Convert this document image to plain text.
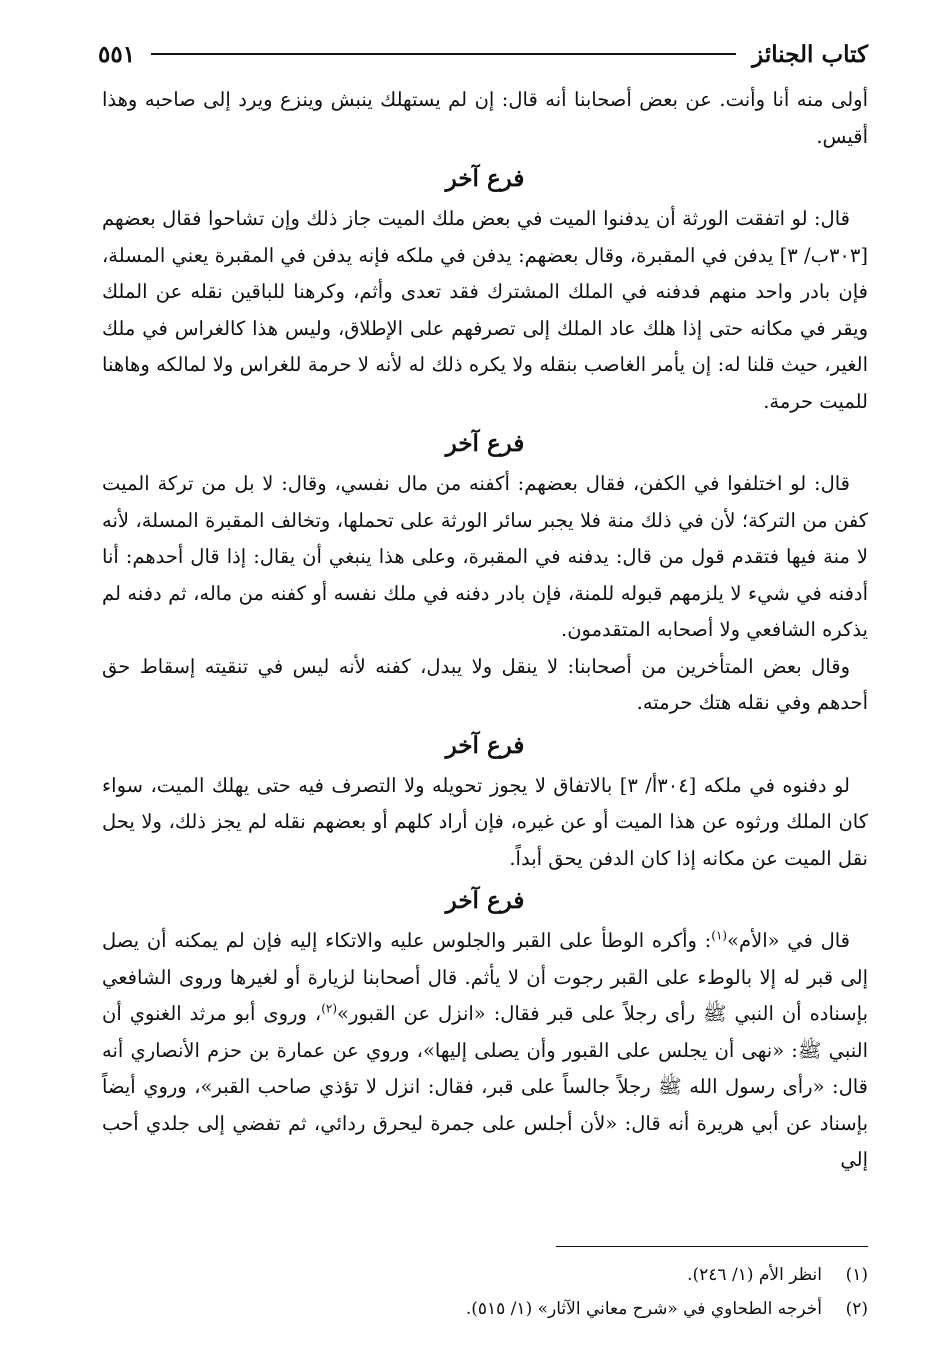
كتاب الجنائز
٥٥١

أولى منه أنا وأنت. عن بعض أصحابنا أنه قال: إن لم يستهلك ينبش وينزع ويرد إلى صاحبه وهذا أقيس.

فرع آخر

قال: لو اتفقت الورثة أن يدفنوا الميت في بعض ملك الميت جاز ذلك وإن تشاحوا فقال بعضهم [٣٠٣ب/ ٣] يدفن في المقبرة، وقال بعضهم: يدفن في ملكه فإنه يدفن في المقبرة يعني المسلة، فإن بادر واحد منهم فدفنه في الملك المشترك فقد تعدى وأثم، وكرهنا للباقين نقله عن الملك ويقر في مكانه حتى إذا هلك عاد الملك إلى تصرفهم على الإطلاق، وليس هذا كالغراس في ملك الغير، حيث قلنا له: إن يأمر الغاصب بنقله ولا يكره ذلك له لأنه لا حرمة للغراس ولا لمالكه وهاهنا للميت حرمة.

فرع آخر

قال: لو اختلفوا في الكفن، فقال بعضهم: أكفنه من مال نفسي، وقال: لا بل من تركة الميت كفن من التركة؛ لأن في ذلك منة فلا يجبر سائر الورثة على تحملها، وتخالف المقبرة المسلة، لأنه لا منة فيها فتقدم قول من قال: يدفنه في المقبرة، وعلى هذا ينبغي أن يقال: إذا قال أحدهم: أنا أدفنه في شيء لا يلزمهم قبوله للمنة، فإن بادر دفنه في ملك نفسه أو كفنه من ماله، ثم دفنه لم يذكره الشافعي ولا أصحابه المتقدمون.

وقال بعض المتأخرين من أصحابنا: لا ينقل ولا يبدل، كفنه لأنه ليس في تنقيته إسقاط حق أحدهم وفي نقله هتك حرمته.

فرع آخر

لو دفنوه في ملكه [٣٠٤أ/ ٣] بالاتفاق لا يجوز تحويله ولا التصرف فيه حتى يهلك الميت، سواء كان الملك ورثوه عن هذا الميت أو عن غيره، فإن أراد كلهم أو بعضهم نقله لم يجز ذلك، ولا يحل نقل الميت عن مكانه إذا كان الدفن يحق أبداً.

فرع آخر

قال في «الأم»$^{(١)}$: وأكره الوطأ على القبر والجلوس عليه والاتكاء إليه فإن لم يمكنه أن يصل إلى قبر له إلا بالوطء على القبر رجوت أن لا يأثم. قال أصحابنا لزيارة أو لغيرها وروى الشافعي بإسناده أن النبي ﷺ رأى رجلاً على قبر فقال: «انزل عن القبور»$^{(٢)}$، وروى أبو مرثد الغنوي أن النبي ﷺ: «نهى أن يجلس على القبور وأن يصلى إليها»، وروي عن عمارة بن حزم الأنصاري أنه قال: «رأى رسول الله ﷺ رجلاً جالساً على قبر، فقال: انزل لا تؤذي صاحب القبر»، وروي أيضاً بإسناد عن أبي هريرة أنه قال: «لأن أجلس على جمرة ليحرق ردائي، ثم تفضي إلى جلدي أحب إلي

(١)
انظر الأم (١/ ٢٤٦).
(٢)
أخرجه الطحاوي في «شرح معاني الآثار» (١/ ٥١٥).
